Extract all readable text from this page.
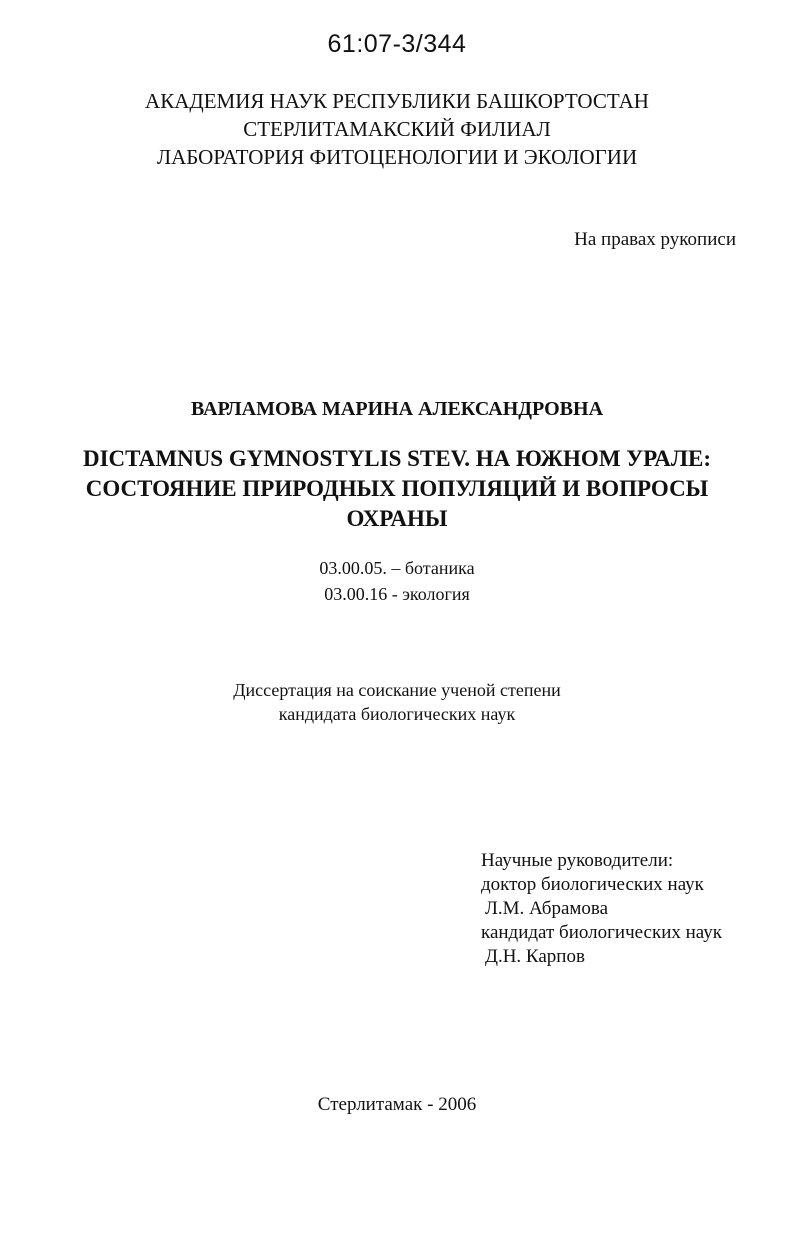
61:07-3/344
АКАДЕМИЯ НАУК РЕСПУБЛИКИ БАШКОРТОСТАН
СТЕРЛИТАМАКСКИЙ ФИЛИАЛ
ЛАБОРАТОРИЯ ФИТОЦЕНОЛОГИИ И ЭКОЛОГИИ
На правах рукописи
ВАРЛАМОВА МАРИНА АЛЕКСАНДРОВНА
DICTAMNUS GYMNOSTYLIS STEV. НА ЮЖНОМ УРАЛЕ:
СОСТОЯНИЕ ПРИРОДНЫХ ПОПУЛЯЦИЙ И ВОПРОСЫ
ОХРАНЫ
03.00.05. – ботаника
03.00.16 - экология
Диссертация на соискание ученой степени
кандидата биологических наук
Научные руководители:
доктор биологических наук
Л.М. Абрамова
кандидат биологических наук
Д.Н. Карпов
Стерлитамак - 2006
